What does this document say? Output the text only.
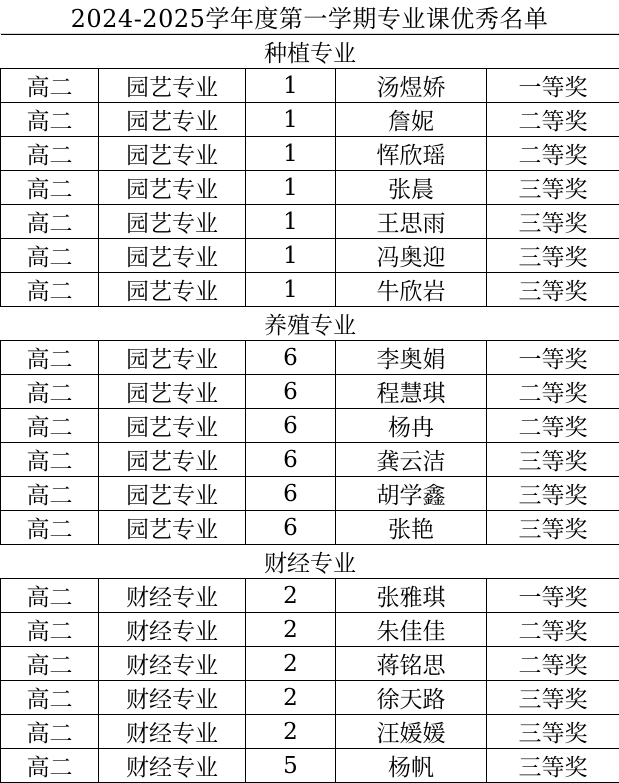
2024-2025学年度第一学期专业课优秀名单
种植专业				
高二	园艺专业	1	汤煜娇	一等奖
高二	园艺专业	1	詹妮	二等奖
高二	园艺专业	1	恽欣瑶	二等奖
高二	园艺专业	1	张晨	三等奖
高二	园艺专业	1	王思雨	三等奖
高二	园艺专业	1	冯奥迎	三等奖
高二	园艺专业	1	牛欣岩	三等奖
养殖专业				
高二	园艺专业	6	李奥娟	一等奖
高二	园艺专业	6	程慧琪	二等奖
高二	园艺专业	6	杨冉	二等奖
高二	园艺专业	6	龚云洁	三等奖
高二	园艺专业	6	胡学鑫	三等奖
高二	园艺专业	6	张艳	三等奖
财经专业				
高二	财经专业	2	张雅琪	一等奖
高二	财经专业	2	朱佳佳	二等奖
高二	财经专业	2	蒋铭思	二等奖
高二	财经专业	2	徐天路	三等奖
高二	财经专业	2	汪媛媛	三等奖
高二	财经专业	5	杨帆	三等奖
